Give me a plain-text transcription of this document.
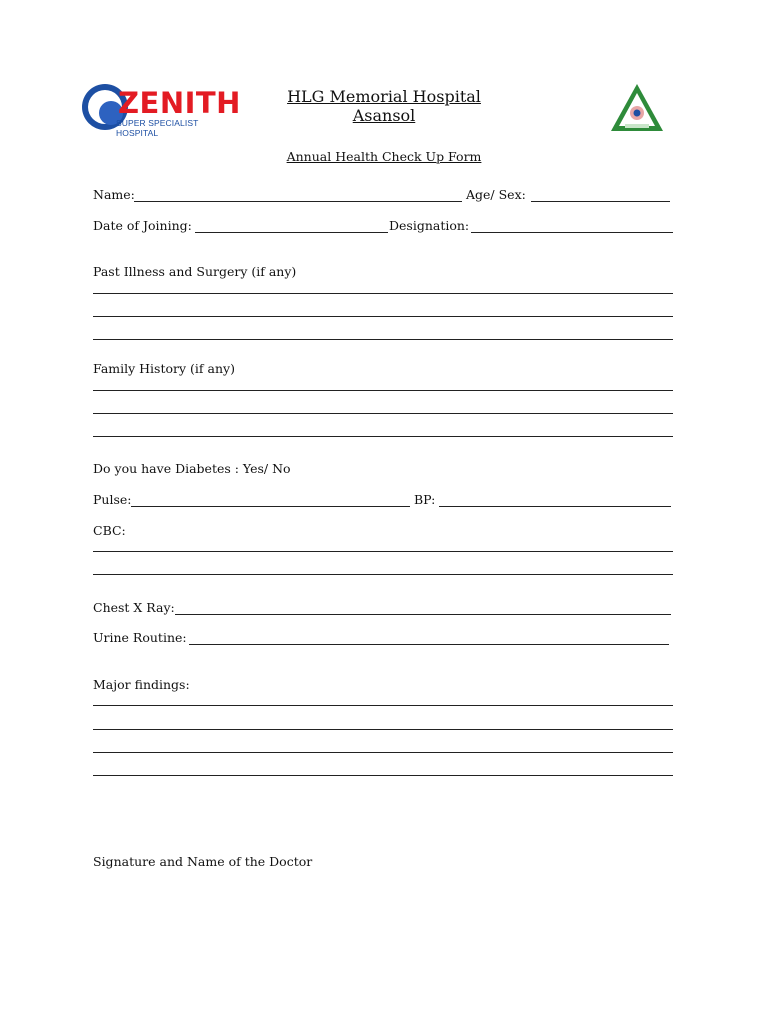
ZENITH
SUPER SPECIALIST HOSPITAL
HLG Memorial Hospital
Asansol
Annual Health Check Up Form
Name:	Age/ Sex:
Date of Joining:	Designation:
Past Illness and Surgery (if any)
Family History (if any)
Do you have Diabetes : Yes/ No
Pulse:	BP:
CBC:
Chest X Ray:
Urine Routine:
Major findings:
Signature and Name of the Doctor
